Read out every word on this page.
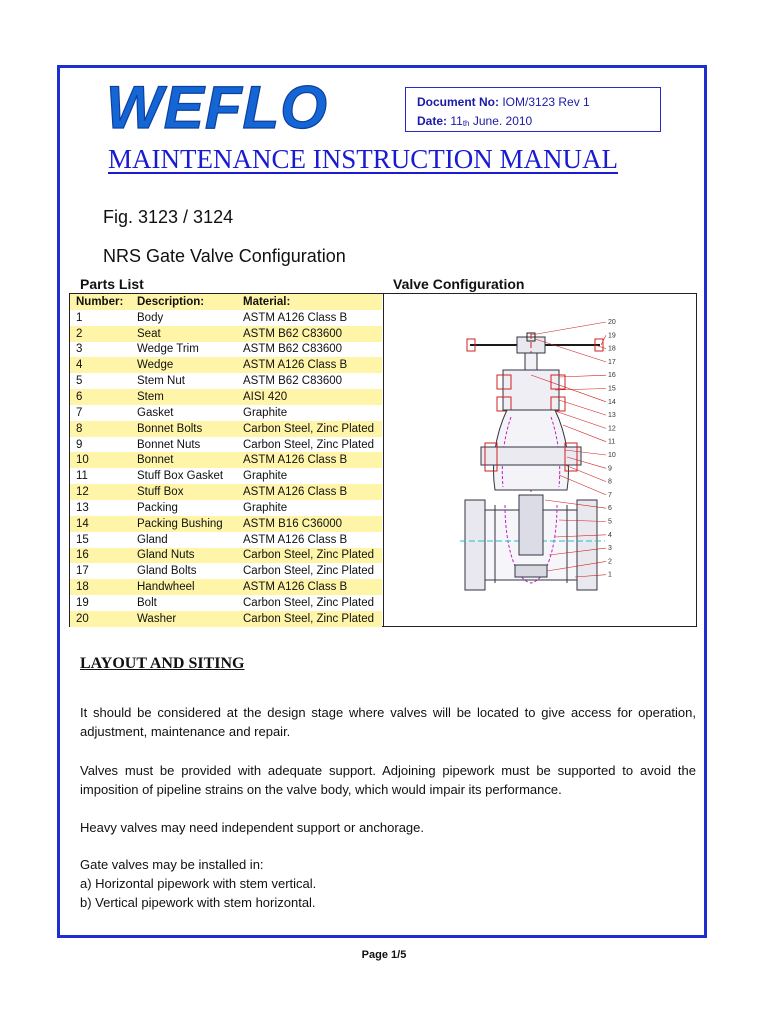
WEFLO	Document No: IOM/3123 Rev 1
Date: $11_{th}$ June. 2010
MAINTENANCE INSTRUCTION MANUAL
Fig. 3123 / 3124
NRS Gate Valve Configuration
Parts List	Valve Configuration
Number:	Description:	Material:
1	Body	ASTM A126 Class B
2	Seat	ASTM B62 C83600
3	Wedge Trim	ASTM B62 C83600
4	Wedge	ASTM A126 Class B
5	Stem Nut	ASTM B62 C83600
6	Stem	AISI 420
7	Gasket	Graphite
8	Bonnet Bolts	Carbon Steel, Zinc Plated
9	Bonnet Nuts	Carbon Steel, Zinc Plated
10	Bonnet	ASTM A126 Class B
11	Stuff Box Gasket	Graphite
12	Stuff Box	ASTM A126 Class B
13	Packing	Graphite
14	Packing Bushing	ASTM B16 C36000
15	Gland	ASTM A126 Class B
16	Gland Nuts	Carbon Steel, Zinc Plated
17	Gland Bolts	Carbon Steel, Zinc Plated
18	Handwheel	ASTM A126 Class B
19	Bolt	Carbon Steel, Zinc Plated
20	Washer	Carbon Steel, Zinc Plated
20
19
18
17
16
15
14
13
12
11
10
9
8
7
6
5
4
3
2
1
LAYOUT AND SITING
It should be considered at the design stage where valves will be located to give access for operation, adjustment, maintenance and repair.
Valves must be provided with adequate support. Adjoining pipework must be supported to avoid the imposition of pipeline strains on the valve body, which would impair its performance.
Heavy valves may need independent support or anchorage.
Gate valves may be installed in:
a) Horizontal pipework with stem vertical.
b) Vertical pipework with stem horizontal.
Page 1/5
